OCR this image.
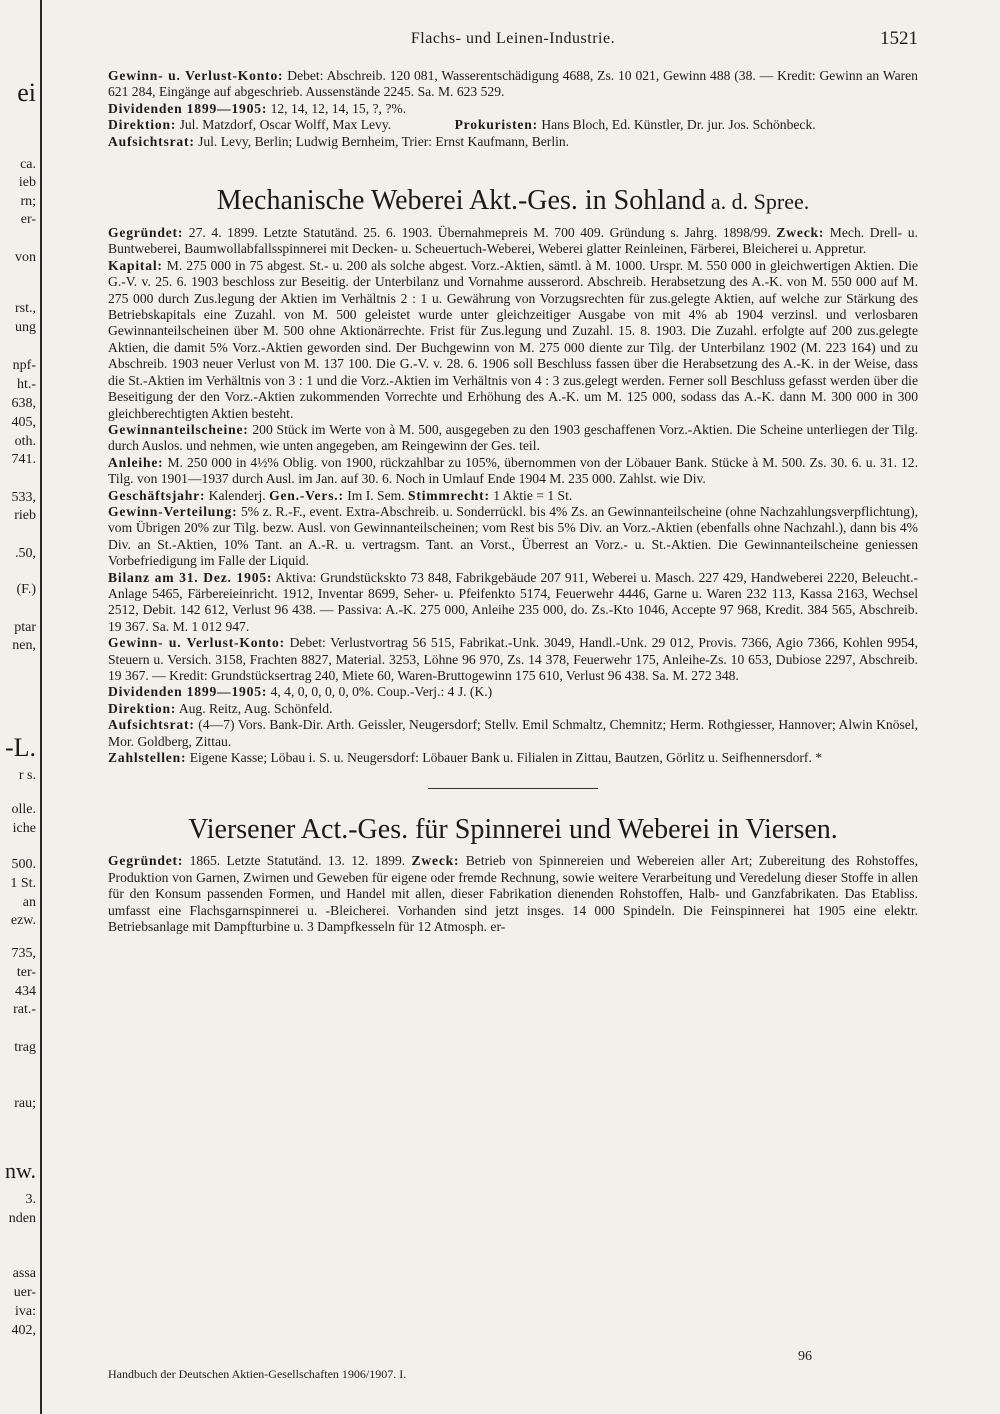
ei
ca.
ieb
rn;
er-
von
rst.,
ung
npf-
ht.-
638,
405,
oth.
741.
533,
rieb
.50,
(F.)
ptar
nen,
-L.
r s.
olle.
iche
500.
1 St.
an
ezw.
735,
ter-
434
rat.-
trag
rau;
nw.
3.
nden
assa
uer-
iva:
402,
Flachs- und Leinen-Industrie.	1521

Gewinn- u. Verlust-Konto: Debet: Abschreib. 120 081, Wasserentschädigung 4688, Zs. 10 021, Gewinn 488 (38. — Kredit: Gewinn an Waren 621 284, Eingänge auf abgeschrieb. Aussenstände 2245. Sa. M. 623 529.

Dividenden 1899—1905: 12, 14, 12, 14, 15, ?, ?%.

Direktion: Jul. Matzdorf, Oscar Wolff, Max Levy.	Prokuristen: Hans Bloch, Ed. Künstler, Dr. jur. Jos. Schönbeck.

Aufsichtsrat: Jul. Levy, Berlin; Ludwig Bernheim, Trier: Ernst Kaufmann, Berlin.

Mechanische Weberei Akt.-Ges. in Sohland a. d. Spree.

Gegründet: 27. 4. 1899. Letzte Statutänd. 25. 6. 1903. Übernahmepreis M. 700 409. Gründung s. Jahrg. 1898/99. Zweck: Mech. Drell- u. Buntweberei, Baumwollabfallsspinnerei mit Decken- u. Scheuertuch-Weberei, Weberei glatter Reinleinen, Färberei, Bleicherei u. Appretur.

Kapital: M. 275 000 in 75 abgest. St.- u. 200 als solche abgest. Vorz.-Aktien, sämtl. à M. 1000. Urspr. M. 550 000 in gleichwertigen Aktien. Die G.-V. v. 25. 6. 1903 beschloss zur Beseitig. der Unterbilanz und Vornahme ausserord. Abschreib. Herabsetzung des A.-K. von M. 550 000 auf M. 275 000 durch Zus.legung der Aktien im Verhältnis 2 : 1 u. Gewährung von Vorzugsrechten für zus.gelegte Aktien, auf welche zur Stärkung des Betriebskapitals eine Zuzahl. von M. 500 geleistet wurde unter gleichzeitiger Ausgabe von mit 4% ab 1904 verzinsl. und verlosbaren Gewinnanteilscheinen über M. 500 ohne Aktionärrechte. Frist für Zus.legung und Zuzahl. 15. 8. 1903. Die Zuzahl. erfolgte auf 200 zus.gelegte Aktien, die damit 5% Vorz.-Aktien geworden sind. Der Buchgewinn von M. 275 000 diente zur Tilg. der Unterbilanz 1902 (M. 223 164) und zu Abschreib. 1903 neuer Verlust von M. 137 100. Die G.-V. v. 28. 6. 1906 soll Beschluss fassen über die Herabsetzung des A.-K. in der Weise, dass die St.-Aktien im Verhältnis von 3 : 1 und die Vorz.-Aktien im Verhältnis von 4 : 3 zus.gelegt werden. Ferner soll Beschluss gefasst werden über die Beseitigung der den Vorz.-Aktien zukommenden Vorrechte und Erhöhung des A.-K. um M. 125 000, sodass das A.-K. dann M. 300 000 in 300 gleichberechtigten Aktien besteht.

Gewinnanteilscheine: 200 Stück im Werte von à M. 500, ausgegeben zu den 1903 geschaffenen Vorz.-Aktien. Die Scheine unterliegen der Tilg. durch Auslos. und nehmen, wie unten angegeben, am Reingewinn der Ges. teil.

Anleihe: M. 250 000 in 4½% Oblig. von 1900, rückzahlbar zu 105%, übernommen von der Löbauer Bank. Stücke à M. 500. Zs. 30. 6. u. 31. 12. Tilg. von 1901—1937 durch Ausl. im Jan. auf 30. 6. Noch in Umlauf Ende 1904 M. 235 000. Zahlst. wie Div.

Geschäftsjahr: Kalenderj. Gen.-Vers.: Im I. Sem. Stimmrecht: 1 Aktie = 1 St.

Gewinn-Verteilung: 5% z. R.-F., event. Extra-Abschreib. u. Sonderrückl. bis 4% Zs. an Gewinnanteilscheine (ohne Nachzahlungsverpflichtung), vom Übrigen 20% zur Tilg. bezw. Ausl. von Gewinnanteilscheinen; vom Rest bis 5% Div. an Vorz.-Aktien (ebenfalls ohne Nachzahl.), dann bis 4% Div. an St.-Aktien, 10% Tant. an A.-R. u. vertragsm. Tant. an Vorst., Überrest an Vorz.- u. St.-Aktien. Die Gewinnanteilscheine geniessen Vorbefriedigung im Falle der Liquid.

Bilanz am 31. Dez. 1905: Aktiva: Grundstückskto 73 848, Fabrikgebäude 207 911, Weberei u. Masch. 227 429, Handweberei 2220, Beleucht.-Anlage 5465, Färbereieinricht. 1912, Inventar 8699, Seher- u. Pfeifenkto 5174, Feuerwehr 4446, Garne u. Waren 232 113, Kassa 2163, Wechsel 2512, Debit. 142 612, Verlust 96 438. — Passiva: A.-K. 275 000, Anleihe 235 000, do. Zs.-Kto 1046, Accepte 97 968, Kredit. 384 565, Abschreib. 19 367. Sa. M. 1 012 947.

Gewinn- u. Verlust-Konto: Debet: Verlustvortrag 56 515, Fabrikat.-Unk. 3049, Handl.-Unk. 29 012, Provis. 7366, Agio 7366, Kohlen 9954, Steuern u. Versich. 3158, Frachten 8827, Material. 3253, Löhne 96 970, Zs. 14 378, Feuerwehr 175, Anleihe-Zs. 10 653, Dubiose 2297, Abschreib. 19 367. — Kredit: Grundstücksertrag 240, Miete 60, Waren-Bruttogewinn 175 610, Verlust 96 438. Sa. M. 272 348.

Dividenden 1899—1905: 4, 4, 0, 0, 0, 0, 0%. Coup.-Verj.: 4 J. (K.)

Direktion: Aug. Reitz, Aug. Schönfeld.

Aufsichtsrat: (4—7) Vors. Bank-Dir. Arth. Geissler, Neugersdorf; Stellv. Emil Schmaltz, Chemnitz; Herm. Rothgiesser, Hannover; Alwin Knösel, Mor. Goldberg, Zittau.

Zahlstellen: Eigene Kasse; Löbau i. S. u. Neugersdorf: Löbauer Bank u. Filialen in Zittau, Bautzen, Görlitz u. Seifhennersdorf. *

Viersener Act.-Ges. für Spinnerei und Weberei in Viersen.

Gegründet: 1865. Letzte Statutänd. 13. 12. 1899. Zweck: Betrieb von Spinnereien und Webereien aller Art; Zubereitung des Rohstoffes, Produktion von Garnen, Zwirnen und Geweben für eigene oder fremde Rechnung, sowie weitere Verarbeitung und Veredelung dieser Stoffe in allen für den Konsum passenden Formen, und Handel mit allen, dieser Fabrikation dienenden Rohstoffen, Halb- und Ganzfabrikaten. Das Etabliss. umfasst eine Flachsgarnspinnerei u. -Bleicherei. Vorhanden sind jetzt insges. 14 000 Spindeln. Die Feinspinnerei hat 1905 eine elektr. Betriebsanlage mit Dampfturbine u. 3 Dampfkesseln für 12 Atmosph. er-

96
Handbuch der Deutschen Aktien-Gesellschaften 1906/1907. I.
